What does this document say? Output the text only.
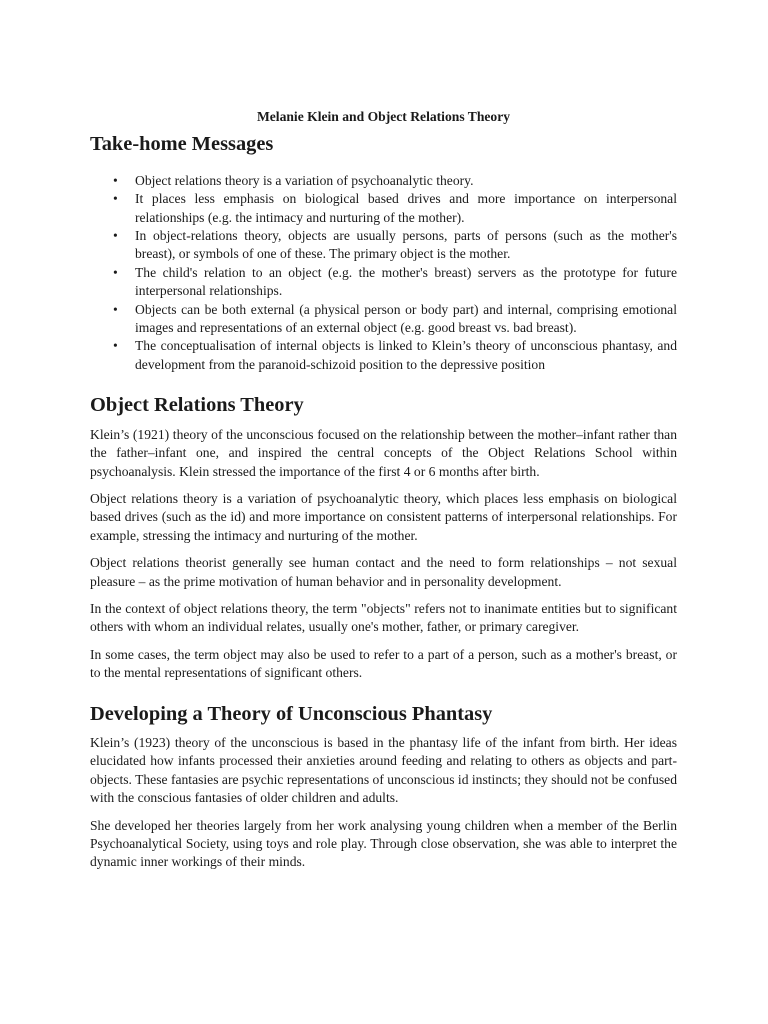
Melanie Klein and Object Relations Theory
Take-home Messages
• Object relations theory is a variation of psychoanalytic theory.
• It places less emphasis on biological based drives and more importance on interpersonal relationships (e.g. the intimacy and nurturing of the mother).
• In object-relations theory, objects are usually persons, parts of persons (such as the mother's breast), or symbols of one of these. The primary object is the mother.
• The child's relation to an object (e.g. the mother's breast) servers as the prototype for future interpersonal relationships.
• Objects can be both external (a physical person or body part) and internal, comprising emotional images and representations of an external object (e.g. good breast vs. bad breast).
• The conceptualisation of internal objects is linked to Klein’s theory of unconscious phantasy, and development from the paranoid-schizoid position to the depressive position
Object Relations Theory

Klein’s (1921) theory of the unconscious focused on the relationship between the mother–infant rather than the father–infant one, and inspired the central concepts of the Object Relations School within psychoanalysis. Klein stressed the importance of the first 4 or 6 months after birth.

Object relations theory is a variation of psychoanalytic theory, which places less emphasis on biological based drives (such as the id) and more importance on consistent patterns of interpersonal relationships. For example, stressing the intimacy and nurturing of the mother.

Object relations theorist generally see human contact and the need to form relationships – not sexual pleasure – as the prime motivation of human behavior and in personality development.

In the context of object relations theory, the term "objects" refers not to inanimate entities but to significant others with whom an individual relates, usually one's mother, father, or primary caregiver.

In some cases, the term object may also be used to refer to a part of a person, such as a mother's breast, or to the mental representations of significant others.

Developing a Theory of Unconscious Phantasy

Klein’s (1923) theory of the unconscious is based in the phantasy life of the infant from birth. Her ideas elucidated how infants processed their anxieties around feeding and relating to others as objects and part-objects. These fantasies are psychic representations of unconscious id instincts; they should not be confused with the conscious fantasies of older children and adults.

She developed her theories largely from her work analysing young children when a member of the Berlin Psychoanalytical Society, using toys and role play. Through close observation, she was able to interpret the dynamic inner workings of their minds.
